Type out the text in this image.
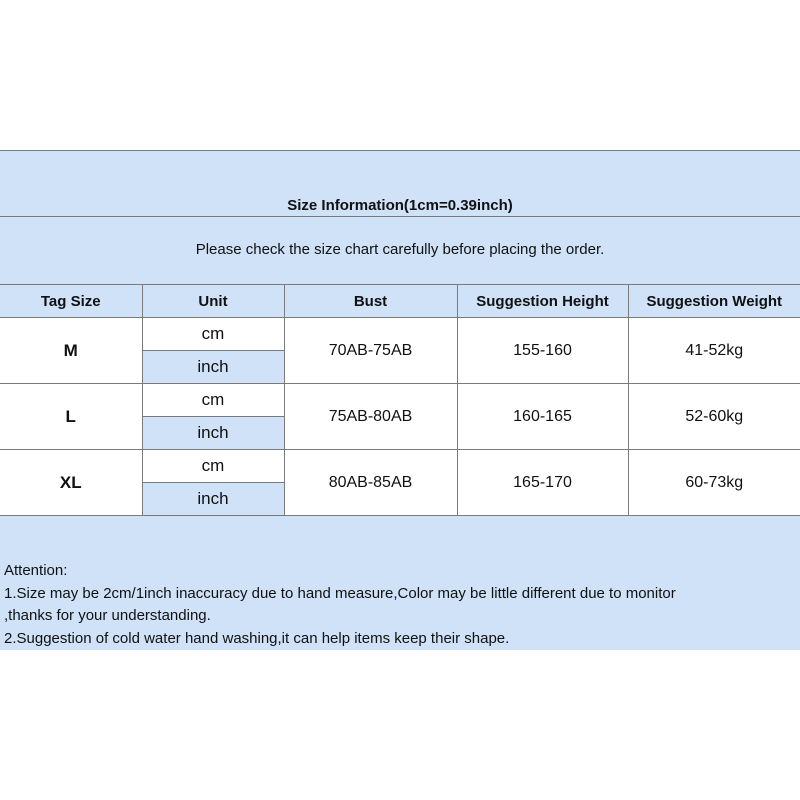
Size Information(1cm=0.39inch)
Please check the size chart carefully before placing the order.
Tag Size	Unit	Bust	Suggestion Height	Suggestion Weight
M	cm	70AB-75AB	155-160	41-52kg
	inch			
L	cm	75AB-80AB	160-165	52-60kg
	inch			
XL	cm	80AB-85AB	165-170	60-73kg
	inch			
Attention:
1.Size may be 2cm/1inch inaccuracy due to hand measure,Color may be little different due to monitor
,thanks for your understanding.
2.Suggestion of cold water hand washing,it can help items keep their shape.
